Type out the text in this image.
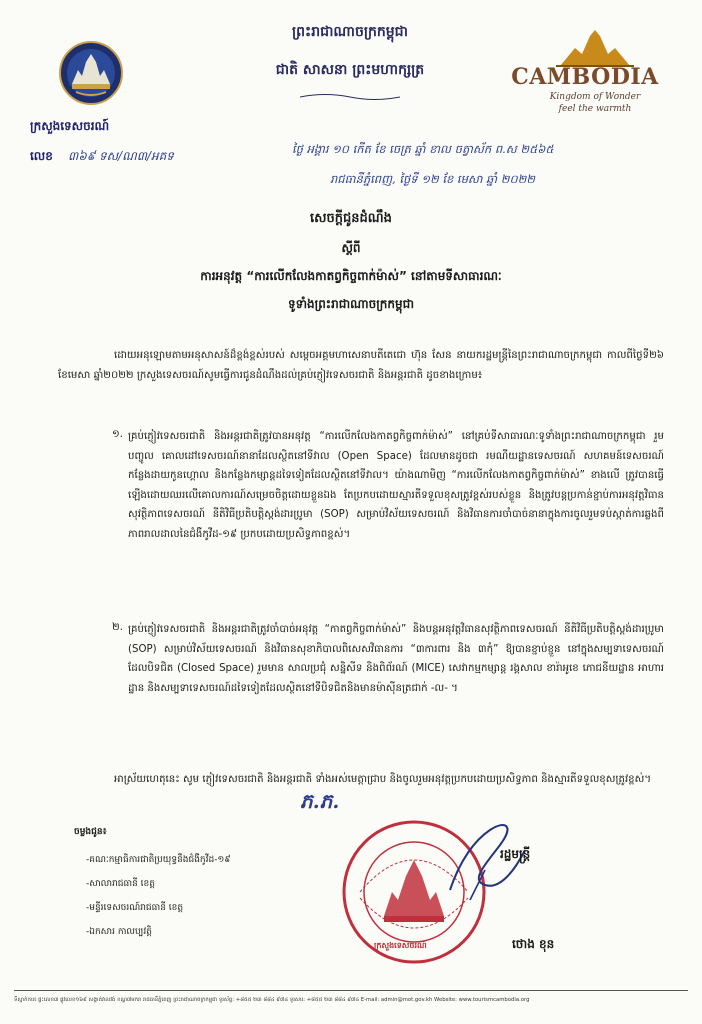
ព្រះរាជាណាចក្រកម្ពុជា
ជាតិ សាសនា ព្រះមហាក្សត្រ	CAMBODIA
Kingdom of Wonder
feel the warmth
ក្រសួងទេសចរណ៍
លេខ ៣៦៩ ទស/ណ៣/អគទ	ថ្ងៃ អង្គារ ១០ កើត ខែ ចេត្រ ឆ្នាំ ខាល ចត្វាស័ក ព.ស ២៥៦៥
រាជធានីភ្នំពេញ, ថ្ងៃទី ១២ ខែ មេសា ឆ្នាំ ២០២២
សេចក្តីជូនដំណឹង
ស្តីពី
ការអនុវត្ត “ការលើកលែងកាតព្វកិច្ចពាក់ម៉ាស់” នៅតាមទីសាធារណៈ
ទូទាំងព្រះរាជាណាចក្រកម្ពុជា
ដោយអនុឡោមតាមអនុសាសន៍ដ៏ខ្ពង់ខ្ពស់របស់ សម្តេចអគ្គមហាសេនាបតីតេជោ ហ៊ុន សែន នាយករដ្ឋមន្ត្រីនៃព្រះរាជាណាចក្រកម្ពុជា កាលពីថ្ងៃទី២៦ ខែមេសា ឆ្នាំ២០២២ ក្រសួងទេសចរណ៍សូមធ្វើការជូនដំណឹងដល់គ្រប់ភ្ញៀវទេសចរជាតិ និងអន្តរជាតិ ដូចខាងក្រោម៖
១. គ្រប់ភ្ញៀវទេសចរជាតិ និងអន្តរជាតិត្រូវបានអនុវត្ត “ការលើកលែងកាតព្វកិច្ចពាក់ម៉ាស់” នៅគ្រប់ទីសាធារណៈទូទាំងព្រះរាជាណាចក្រកម្ពុជា រួមបញ្ចូល គោលដៅទេសចរណ៍នានាដែលស្ថិតនៅទីវាល (Open Space) ដែលមានដូចជា រមណីយដ្ឋានទេសចរណ៍ សហគមន៍ទេសចរណ៍ កន្លែងដាយកូនហ្គោល និងកន្លែងកម្សាន្តដទៃទៀតដែលស្ថិតនៅទីវាល។ យ៉ាងណាមិញ “ការលើកលែងកាតព្វកិច្ចពាក់ម៉ាស់” ខាងលើ ត្រូវបានធ្វើឡើងដោយឈរលើគោលការណ៍សម្រេចចិត្តដោយខ្លួនឯង តែប្រកបដោយស្មារតីទទួលខុសត្រូវខ្ពស់របស់ខ្លួន និងត្រូវបន្តប្រកាន់ខ្ជាប់ការអនុវត្តវិធានសុវត្ថិភាពទេសចរណ៍ នីតិវិធីប្រតិបត្តិស្តង់ដារប្រូមា (SOP) សម្រាប់វិស័យទេសចរណ៍ និងវិធានការចាំបាច់នានាក្នុងការចូលរួមទប់ស្កាត់ការឆ្លងពីភាពរាលដាលនៃជំងឺកូវីដ-១៩ ប្រកបដោយប្រសិទ្ធភាពខ្ពស់។
២. គ្រប់ភ្ញៀវទេសចរជាតិ និងអន្តរជាតិត្រូវចាំបាច់អនុវត្ត “កាតព្វកិច្ចពាក់ម៉ាស់” និងបន្តអនុវត្តវិធានសុវត្ថិភាពទេសចរណ៍ នីតិវិធីប្រតិបត្តិស្តង់ដារប្រូមា (SOP) សម្រាប់វិស័យទេសចរណ៍ និងវិធានសុខាភិបាលពិសេសវិធានការ “៣ការពារ និង ៣កុំ” ឱ្យបានខ្ជាប់ខ្ជួន នៅក្នុងសម្បទាទេសចរណ៍ដែលបិទជិត (Closed Space) រួមមាន សាលប្រជុំ សន្និសីទ និងពិព័រណ៍ (MICE) សេវាកម្មកម្សាន្ត រង្គសាល ខារ៉ាអូខេ ភោជនីយដ្ឋាន អាហារដ្ឋាន និងសម្បទាទេសចរណ៍ដទៃទៀតដែលស្ថិតនៅទីបិទជិតនិងមានម៉ាស៊ីនត្រជាក់ -ល- ។
អាស្រ័យហេតុនេះ សូម ភ្ញៀវទេសចរជាតិ និងអន្តរជាតិ ទាំងអស់មេត្តាជ្រាប និងចូលរួមអនុវត្តប្រកបដោយប្រសិទ្ធភាព និងស្មារតីទទួលខុសត្រូវខ្ពស់។
ភ.ភ.
ក្រសួងទេសចរណ៍
រដ្ឋមន្ត្រី
ថោង ខុន
ចម្លងជូន៖
-គណៈកម្មាធិការជាតិប្រយុទ្ធនឹងជំងឺកូវីដ-១៩
-សាលារាជធានី ខេត្ត
-មន្ទីរទេសចរណ៍រាជធានី ខេត្ត
-ឯកសារ កាលប្បវត្តិ
ទីស្នាក់ការ៖ ផ្ទះលេខ៣ ផ្លូវលេខ១៦៩ សង្កាត់វាលវង់ ខណ្ឌ៧មករា រាជធានីភ្នំពេញ ព្រះរាជាណាចក្រកម្ពុជា ទូរស័ព្ទ: +៨៥៥ ២៣ ៨៨៤ ៩៧៤ ទូរសារ: +៨៥៥ ២៣ ៨៨៤ ៩៧៤ E-mail: admin@mot.gov.kh Website: www.tourismcambodia.org
